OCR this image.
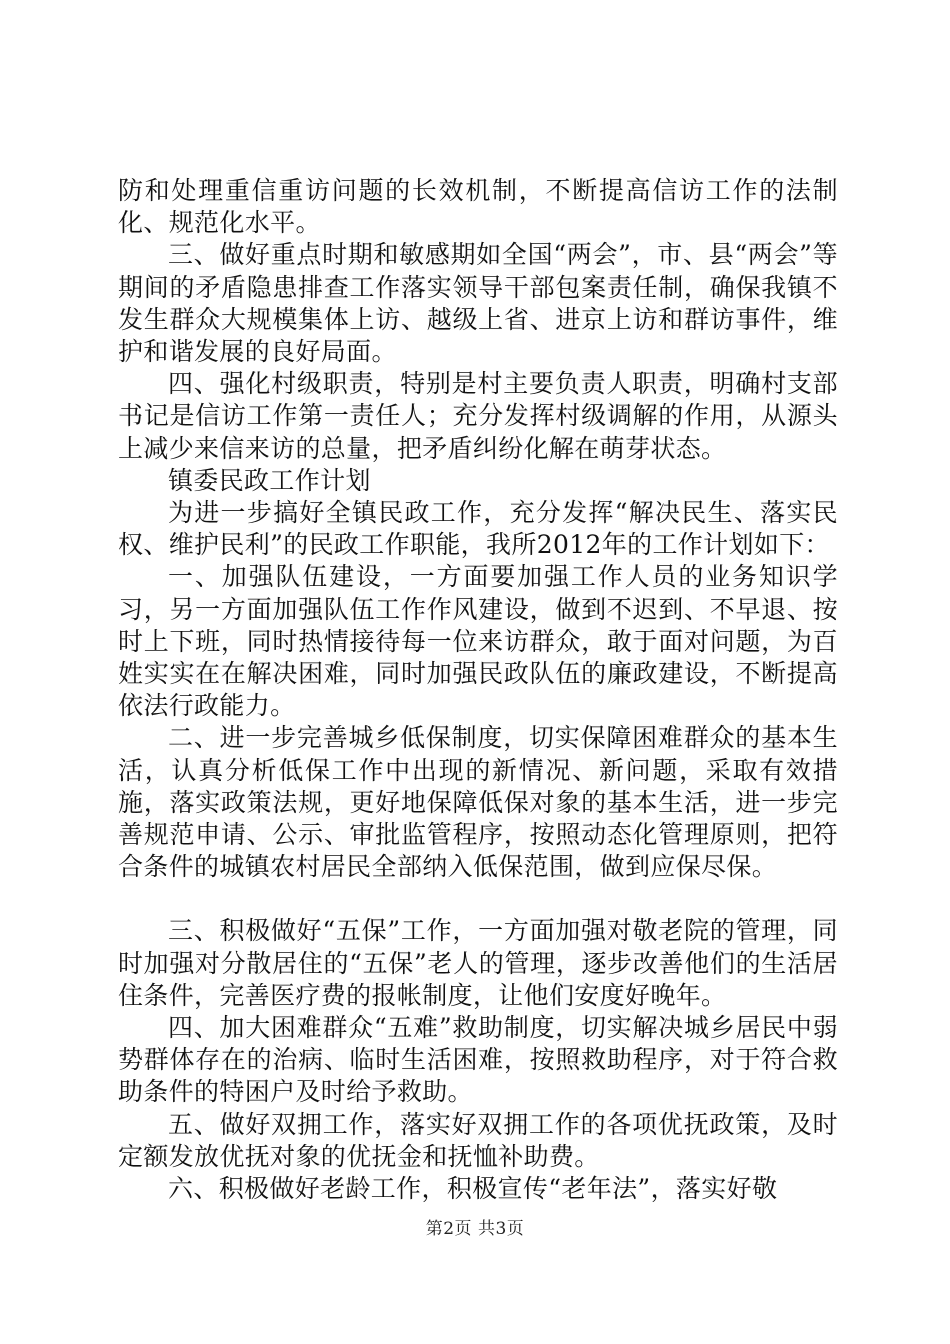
防和处理重信重访问题的长效机制，不断提高信访工作的法制化、规范化水平。

三、做好重点时期和敏感期如全国“两会”，市、县“两会”等期间的矛盾隐患排查工作落实领导干部包案责任制，确保我镇不发生群众大规模集体上访、越级上省、进京上访和群访事件，维护和谐发展的良好局面。

四、强化村级职责，特别是村主要负责人职责，明确村支部书记是信访工作第一责任人；充分发挥村级调解的作用，从源头上减少来信来访的总量，把矛盾纠纷化解在萌芽状态。

镇委民政工作计划

为进一步搞好全镇民政工作，充分发挥“解决民生、落实民权、维护民利”的民政工作职能，我所2012年的工作计划如下：

一、加强队伍建设，一方面要加强工作人员的业务知识学习，另一方面加强队伍工作作风建设，做到不迟到、不早退、按时上下班，同时热情接待每一位来访群众，敢于面对问题，为百姓实实在在解决困难，同时加强民政队伍的廉政建设，不断提高依法行政能力。

二、进一步完善城乡低保制度，切实保障困难群众的基本生活，认真分析低保工作中出现的新情况、新问题，采取有效措施，落实政策法规，更好地保障低保对象的基本生活，进一步完善规范申请、公示、审批监管程序，按照动态化管理原则，把符合条件的城镇农村居民全部纳入低保范围，做到应保尽保。

三、积极做好“五保”工作，一方面加强对敬老院的管理，同时加强对分散居住的“五保”老人的管理，逐步改善他们的生活居住条件，完善医疗费的报帐制度，让他们安度好晚年。

四、加大困难群众“五难”救助制度，切实解决城乡居民中弱势群体存在的治病、临时生活困难，按照救助程序，对于符合救助条件的特困户及时给予救助。

五、做好双拥工作，落实好双拥工作的各项优抚政策，及时定额发放优抚对象的优抚金和抚恤补助费。

六、积极做好老龄工作，积极宣传“老年法”，落实好敬

第2页 共3页
